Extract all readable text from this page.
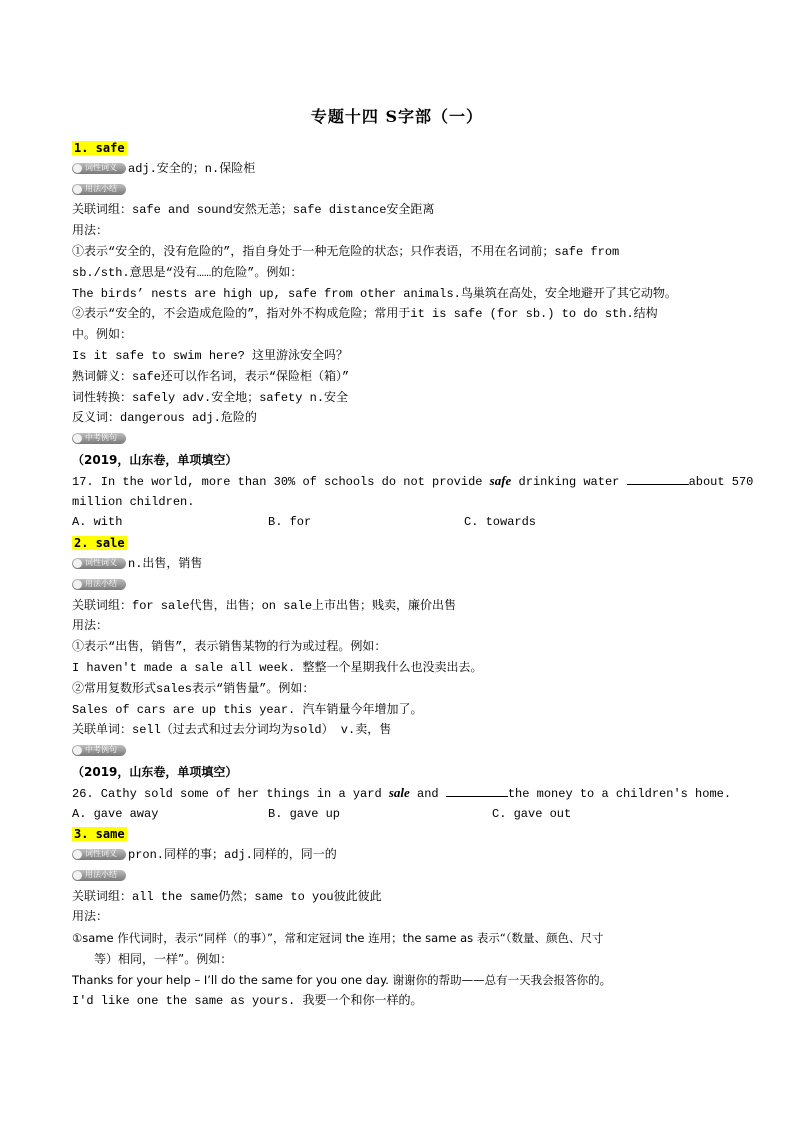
专题十四 S字部（一）
1. safe
词性词义 adj.安全的；n.保险柜
用法小结
关联词组：safe and sound安然无恙；safe distance安全距离
用法：
①表示“安全的，没有危险的”，指自身处于一种无危险的状态；只作表语，不用在名词前；safe from
sb./sth.意思是“没有……的危险”。例如：
The birds’ nests are high up, safe from other animals.鸟巢筑在高处，安全地避开了其它动物。
②表示“安全的，不会造成危险的”，指对外不构成危险；常用于it is safe (for sb.) to do sth.结构
中。例如：
Is it safe to swim here? 这里游泳安全吗？
熟词僻义：safe还可以作名词，表示“保险柜（箱）”
词性转换：safely adv.安全地；safety n.安全
反义词：dangerous adj.危险的
中考例句
（2019，山东卷，单项填空）
17. In the world, more than 30% of schools do not provide safe drinking water	about 570
million children.
A. with	B. for	C. towards
2. sale
词性词义 n.出售，销售
用法小结
关联词组：for sale代售，出售；on sale上市出售；贱卖，廉价出售
用法：
①表示“出售，销售”，表示销售某物的行为或过程。例如：
I haven't made a sale all week. 整整一个星期我什么也没卖出去。
②常用复数形式sales表示“销售量”。例如：
Sales of cars are up this year. 汽车销量今年增加了。
关联单词：sell（过去式和过去分词均为sold） v.卖，售
中考例句
（2019，山东卷，单项填空）
26. Cathy sold some of her things in a yard sale and	the money to a children's home.
A. gave away	B. gave up	C. gave out
3. same
词性词义 pron.同样的事；adj.同样的，同一的
用法小结
关联词组：all the same仍然；same to you彼此彼此
用法：
①same 作代词时，表示“同样（的事）”，常和定冠词 the 连用；the same as 表示“（数量、颜色、尺寸
等）相同，一样”。例如：
Thanks for your help – I’ll do the same for you one day. 谢谢你的帮助——总有一天我会报答你的。
I'd like one the same as yours. 我要一个和你一样的。
